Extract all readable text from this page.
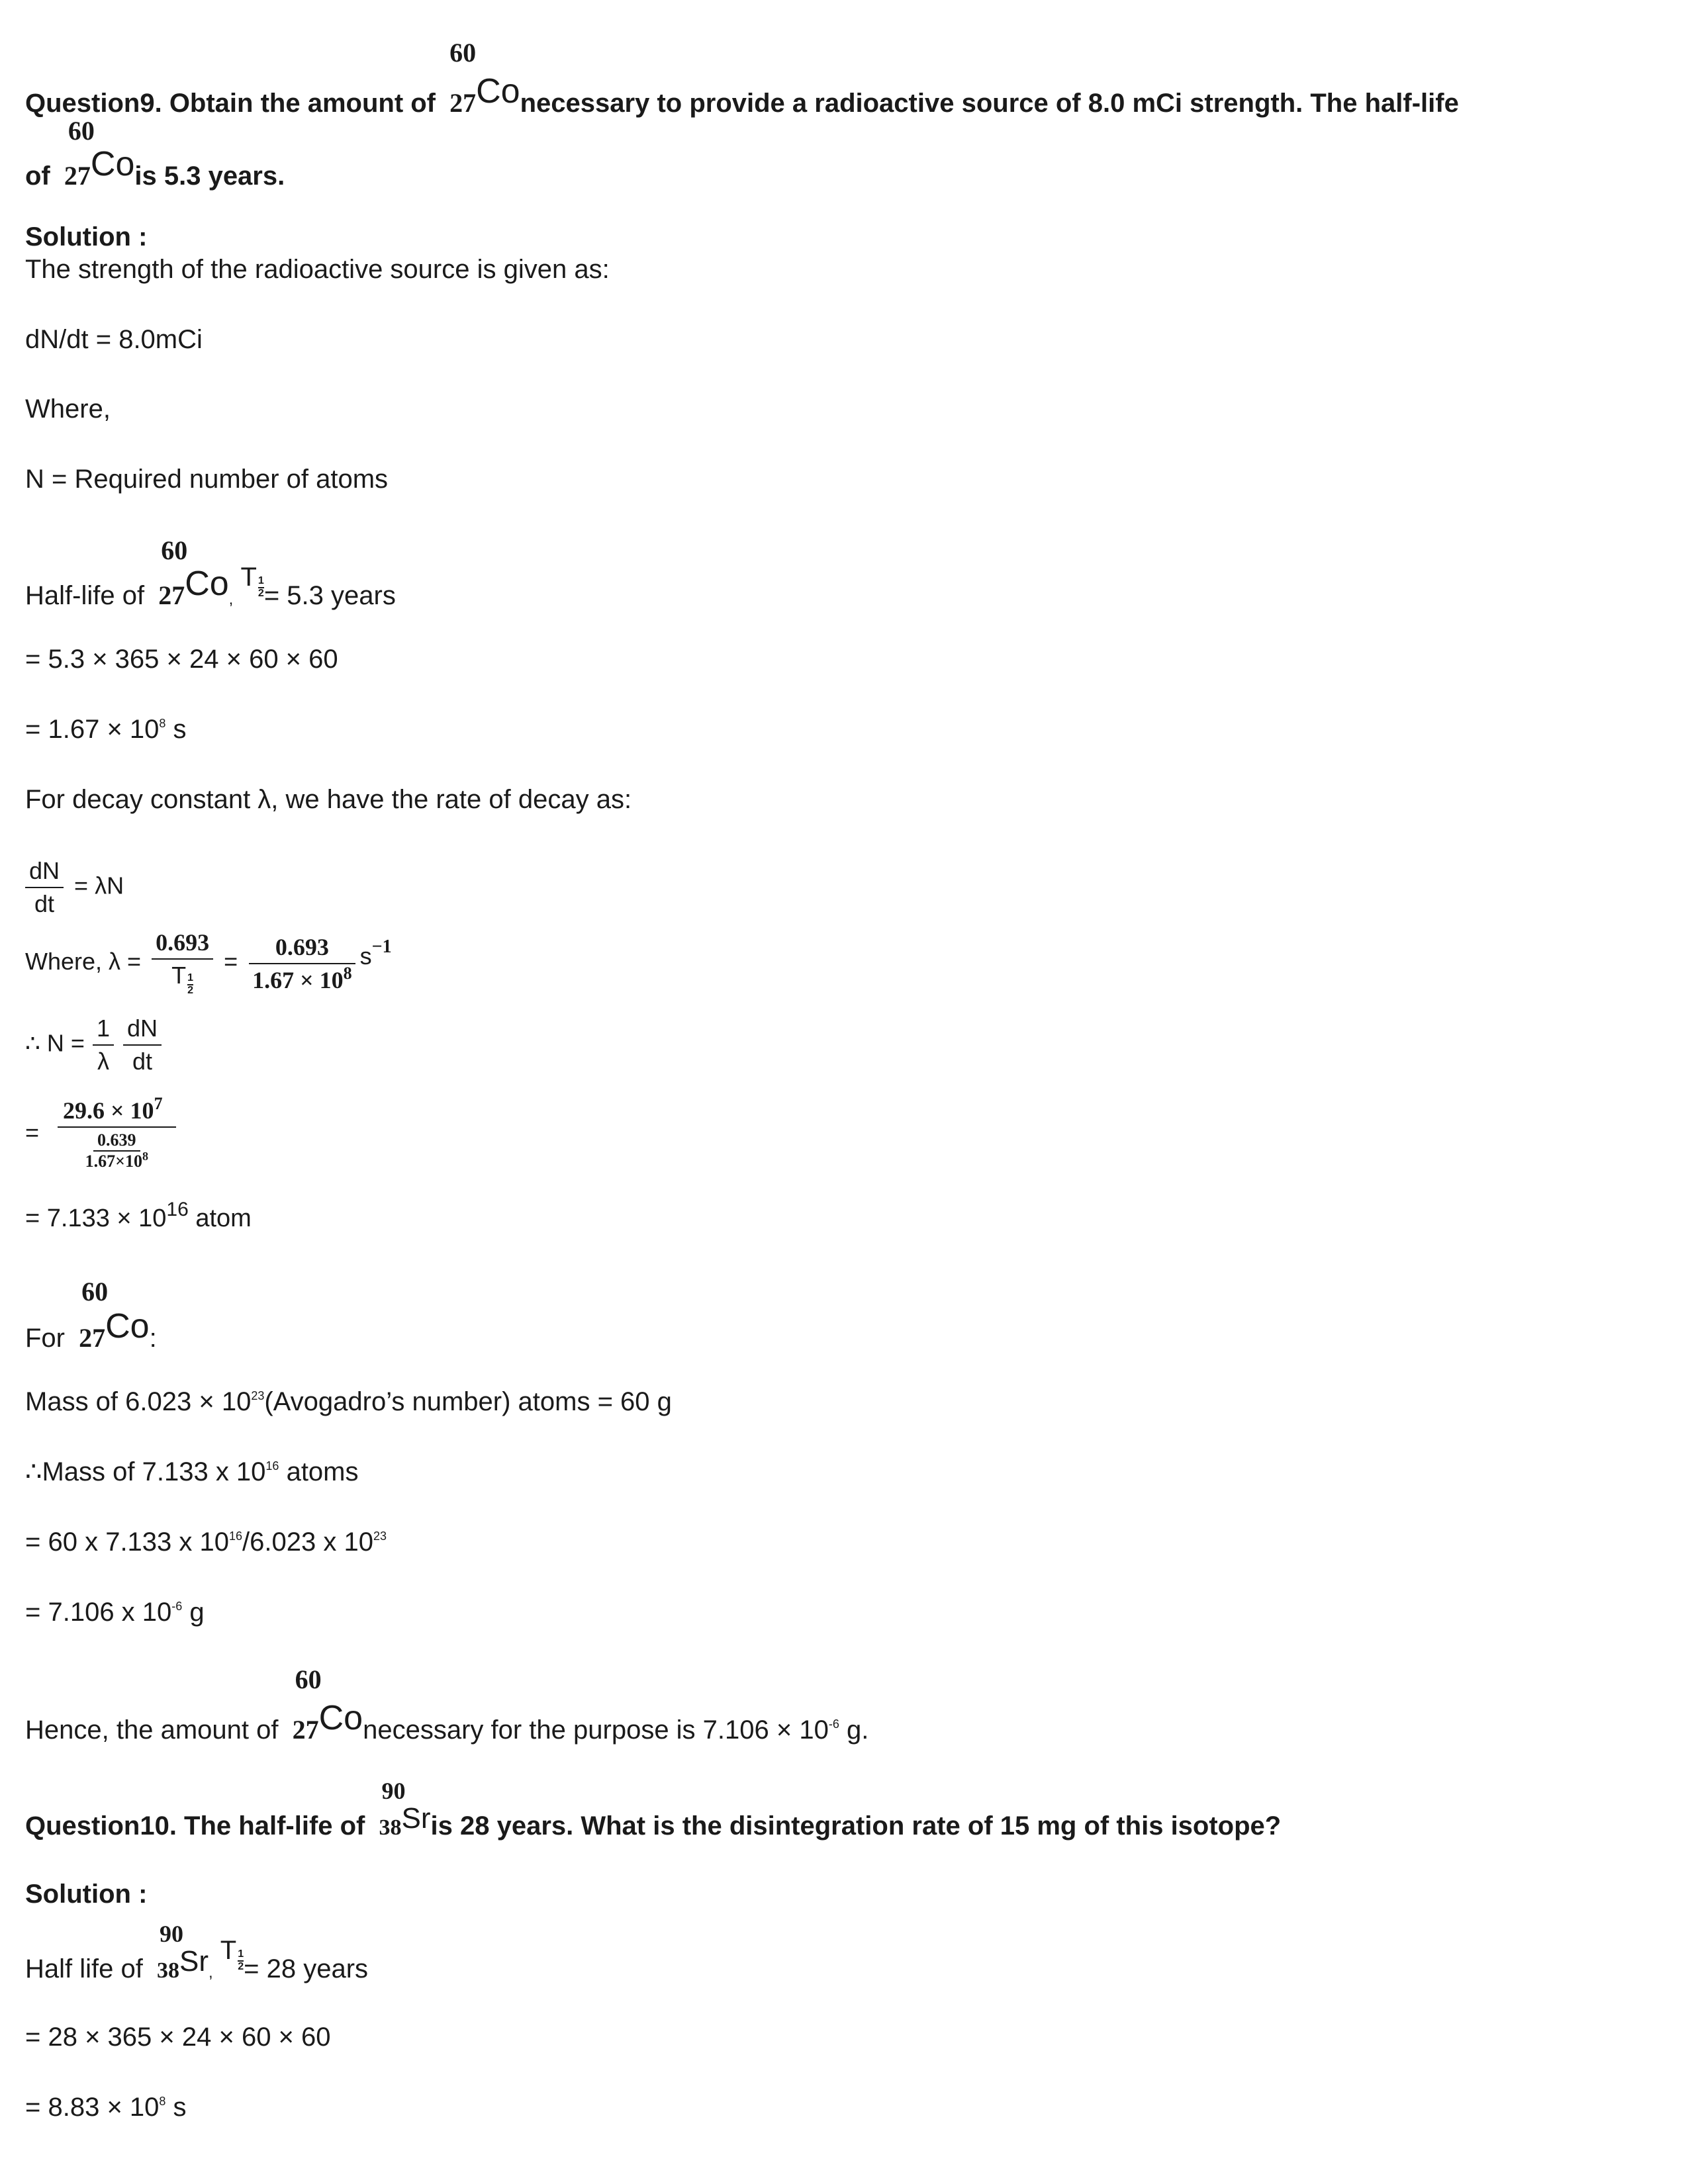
Question9. Obtain the amount of
60
27Conecessary to provide a radioactive source of 8.0 mCi strength. The half-life
of
60
27Cois 5.3 years.
Solution :
The strength of the radioactive source is given as:
dN/dt = 8.0mCi
Where,
N = Required number of atoms
Half-life of
60
27Co,
T $\frac{1}{2} = 5.3$ years
= 5.3 × 365 × 24 × 60 × 60
= $1.67 \times 10^8$ s
For decay constant λ, we have the rate of decay as:
$\frac{dN}{dt} = \lambda N$
Where, $\lambda = \frac{0.693}{T \frac{1}{2}} = \frac{0.693}{1.67 \times 10^8} s^{-1}$
∴ $N = \frac{1}{\lambda}$
$\frac{dN}{dt}$
= $\frac{29.6 \times 10^7}{\frac{0.639}{1.67\times 10^8}}$
= $7.133 \times 10^{16}$ atom
For
60
27Co:
Mass of $6.023 \times 10^{23}(Avogadro’s$ number) atoms = 60 g
∴Mass of 7.133 x $10^{16}$ atoms
= 60 x 7.133 x $10^{16}/6.023$ x $10^{23}$
= 7.106 x $10^{-6}$ g
Hence, the amount of
60
27Conecessary for the purpose is $7.106 \times 10^{-6}$ g.
Question10. The half-life of
90
38Sris 28 years. What is the disintegration rate of 15 mg of this isotope?
Solution :
Half life of
90
38Sr,
T $\frac{1}{2} = 28$ years
= 28 × 365 × 24 × 60 × 60
= $8.83 \times 10^8$ s
